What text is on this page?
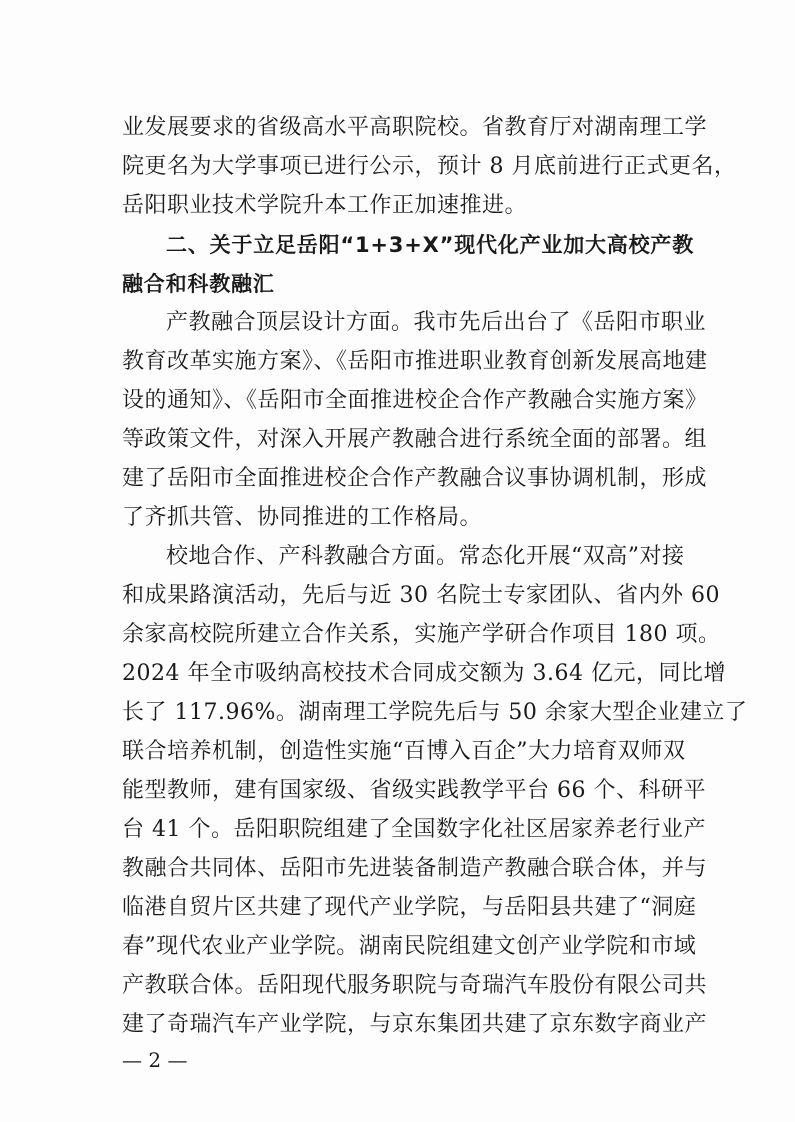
业发展要求的省级高水平高职院校。省教育厅对湖南理工学
院更名为大学事项已进行公示，预计 8 月底前进行正式更名，
岳阳职业技术学院升本工作正加速推进。
二、关于立足岳阳“1+3+X”现代化产业加大高校产教
融合和科教融汇
产教融合顶层设计方面。我市先后出台了《岳阳市职业
教育改革实施方案》、《岳阳市推进职业教育创新发展高地建
设的通知》、《岳阳市全面推进校企合作产教融合实施方案》
等政策文件，对深入开展产教融合进行系统全面的部署。组
建了岳阳市全面推进校企合作产教融合议事协调机制，形成
了齐抓共管、协同推进的工作格局。
校地合作、产科教融合方面。常态化开展“双高”对接
和成果路演活动，先后与近 30 名院士专家团队、省内外 60
余家高校院所建立合作关系，实施产学研合作项目 180 项。
2024 年全市吸纳高校技术合同成交额为 3.64 亿元，同比增
长了 117.96%。湖南理工学院先后与 50 余家大型企业建立了
联合培养机制，创造性实施“百博入百企”大力培育双师双
能型教师，建有国家级、省级实践教学平台 66 个、科研平
台 41 个。岳阳职院组建了全国数字化社区居家养老行业产
教融合共同体、岳阳市先进装备制造产教融合联合体，并与
临港自贸片区共建了现代产业学院，与岳阳县共建了“洞庭
春”现代农业产业学院。湖南民院组建文创产业学院和市域
产教联合体。岳阳现代服务职院与奇瑞汽车股份有限公司共
建了奇瑞汽车产业学院，与京东集团共建了京东数字商业产
— 2 —
